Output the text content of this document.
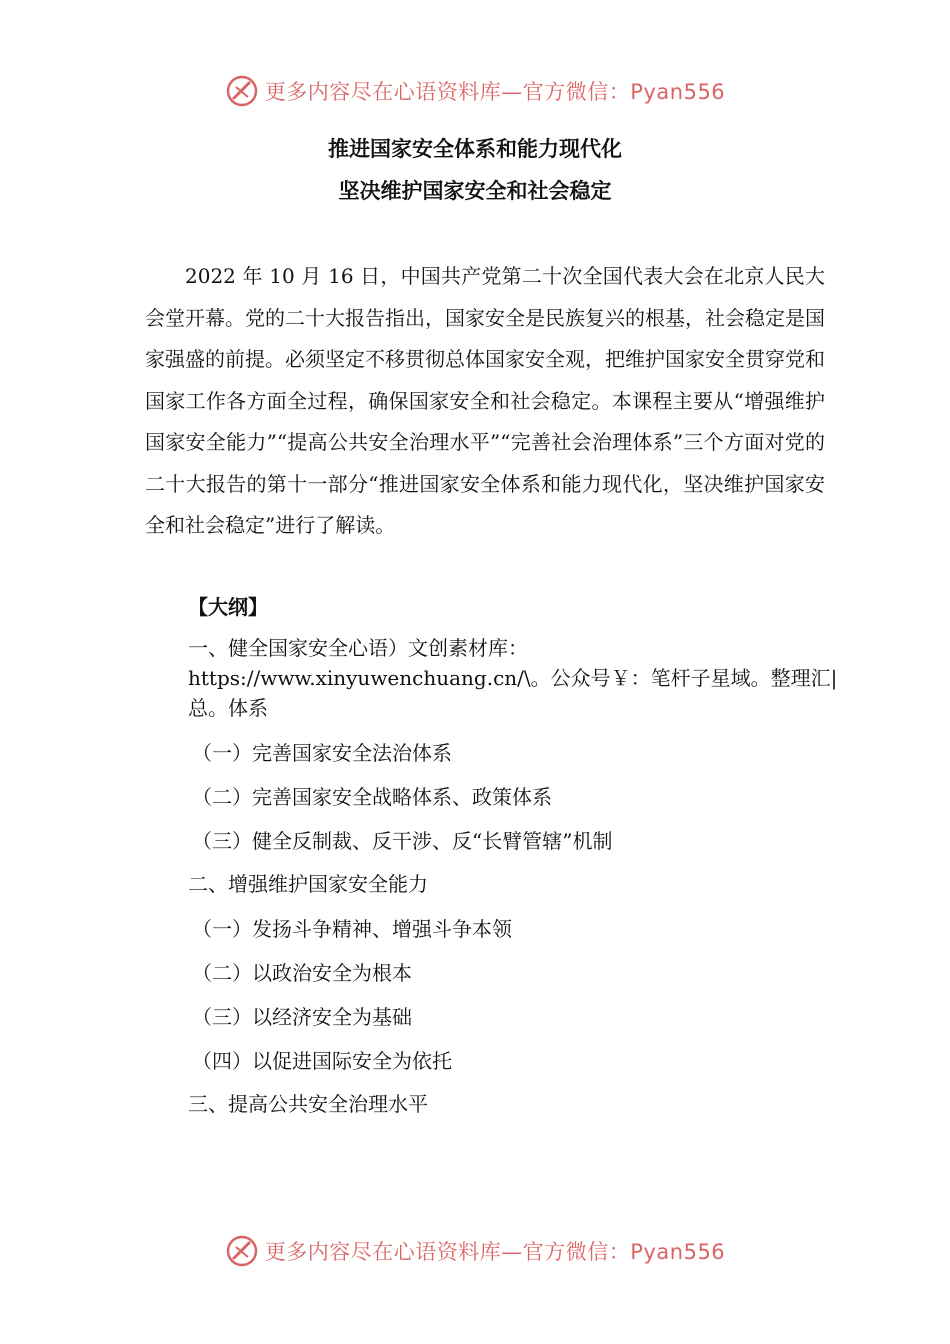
更多内容尽在心语资料库—官方微信：Pyan556
推进国家安全体系和能力现代化
坚决维护国家安全和社会稳定

2022 年 10 月 16 日，中国共产党第二十次全国代表大会在北京人民大会堂开幕。党的二十大报告指出，国家安全是民族复兴的根基，社会稳定是国家强盛的前提。必须坚定不移贯彻总体国家安全观，把维护国家安全贯穿党和国家工作各方面全过程，确保国家安全和社会稳定。本课程主要从“增强维护国家安全能力”“提高公共安全治理水平”“完善社会治理体系”三个方面对党的二十大报告的第十一部分“推进国家安全体系和能力现代化，坚决维护国家安全和社会稳定”进行了解读。

【大纲】

一、健全国家安全心语）文创素材库：https://www.xinyuwenchuang.cn/\。公众号￥：笔杆子星域。整理汇|总。体系

（一）完善国家安全法治体系
（二）完善国家安全战略体系、政策体系
（三）健全反制裁、反干涉、反“长臂管辖”机制
二、增强维护国家安全能力
（一）发扬斗争精神、增强斗争本领
（二）以政治安全为根本
（三）以经济安全为基础
（四）以促进国际安全为依托
三、提高公共安全治理水平
更多内容尽在心语资料库—官方微信：Pyan556
